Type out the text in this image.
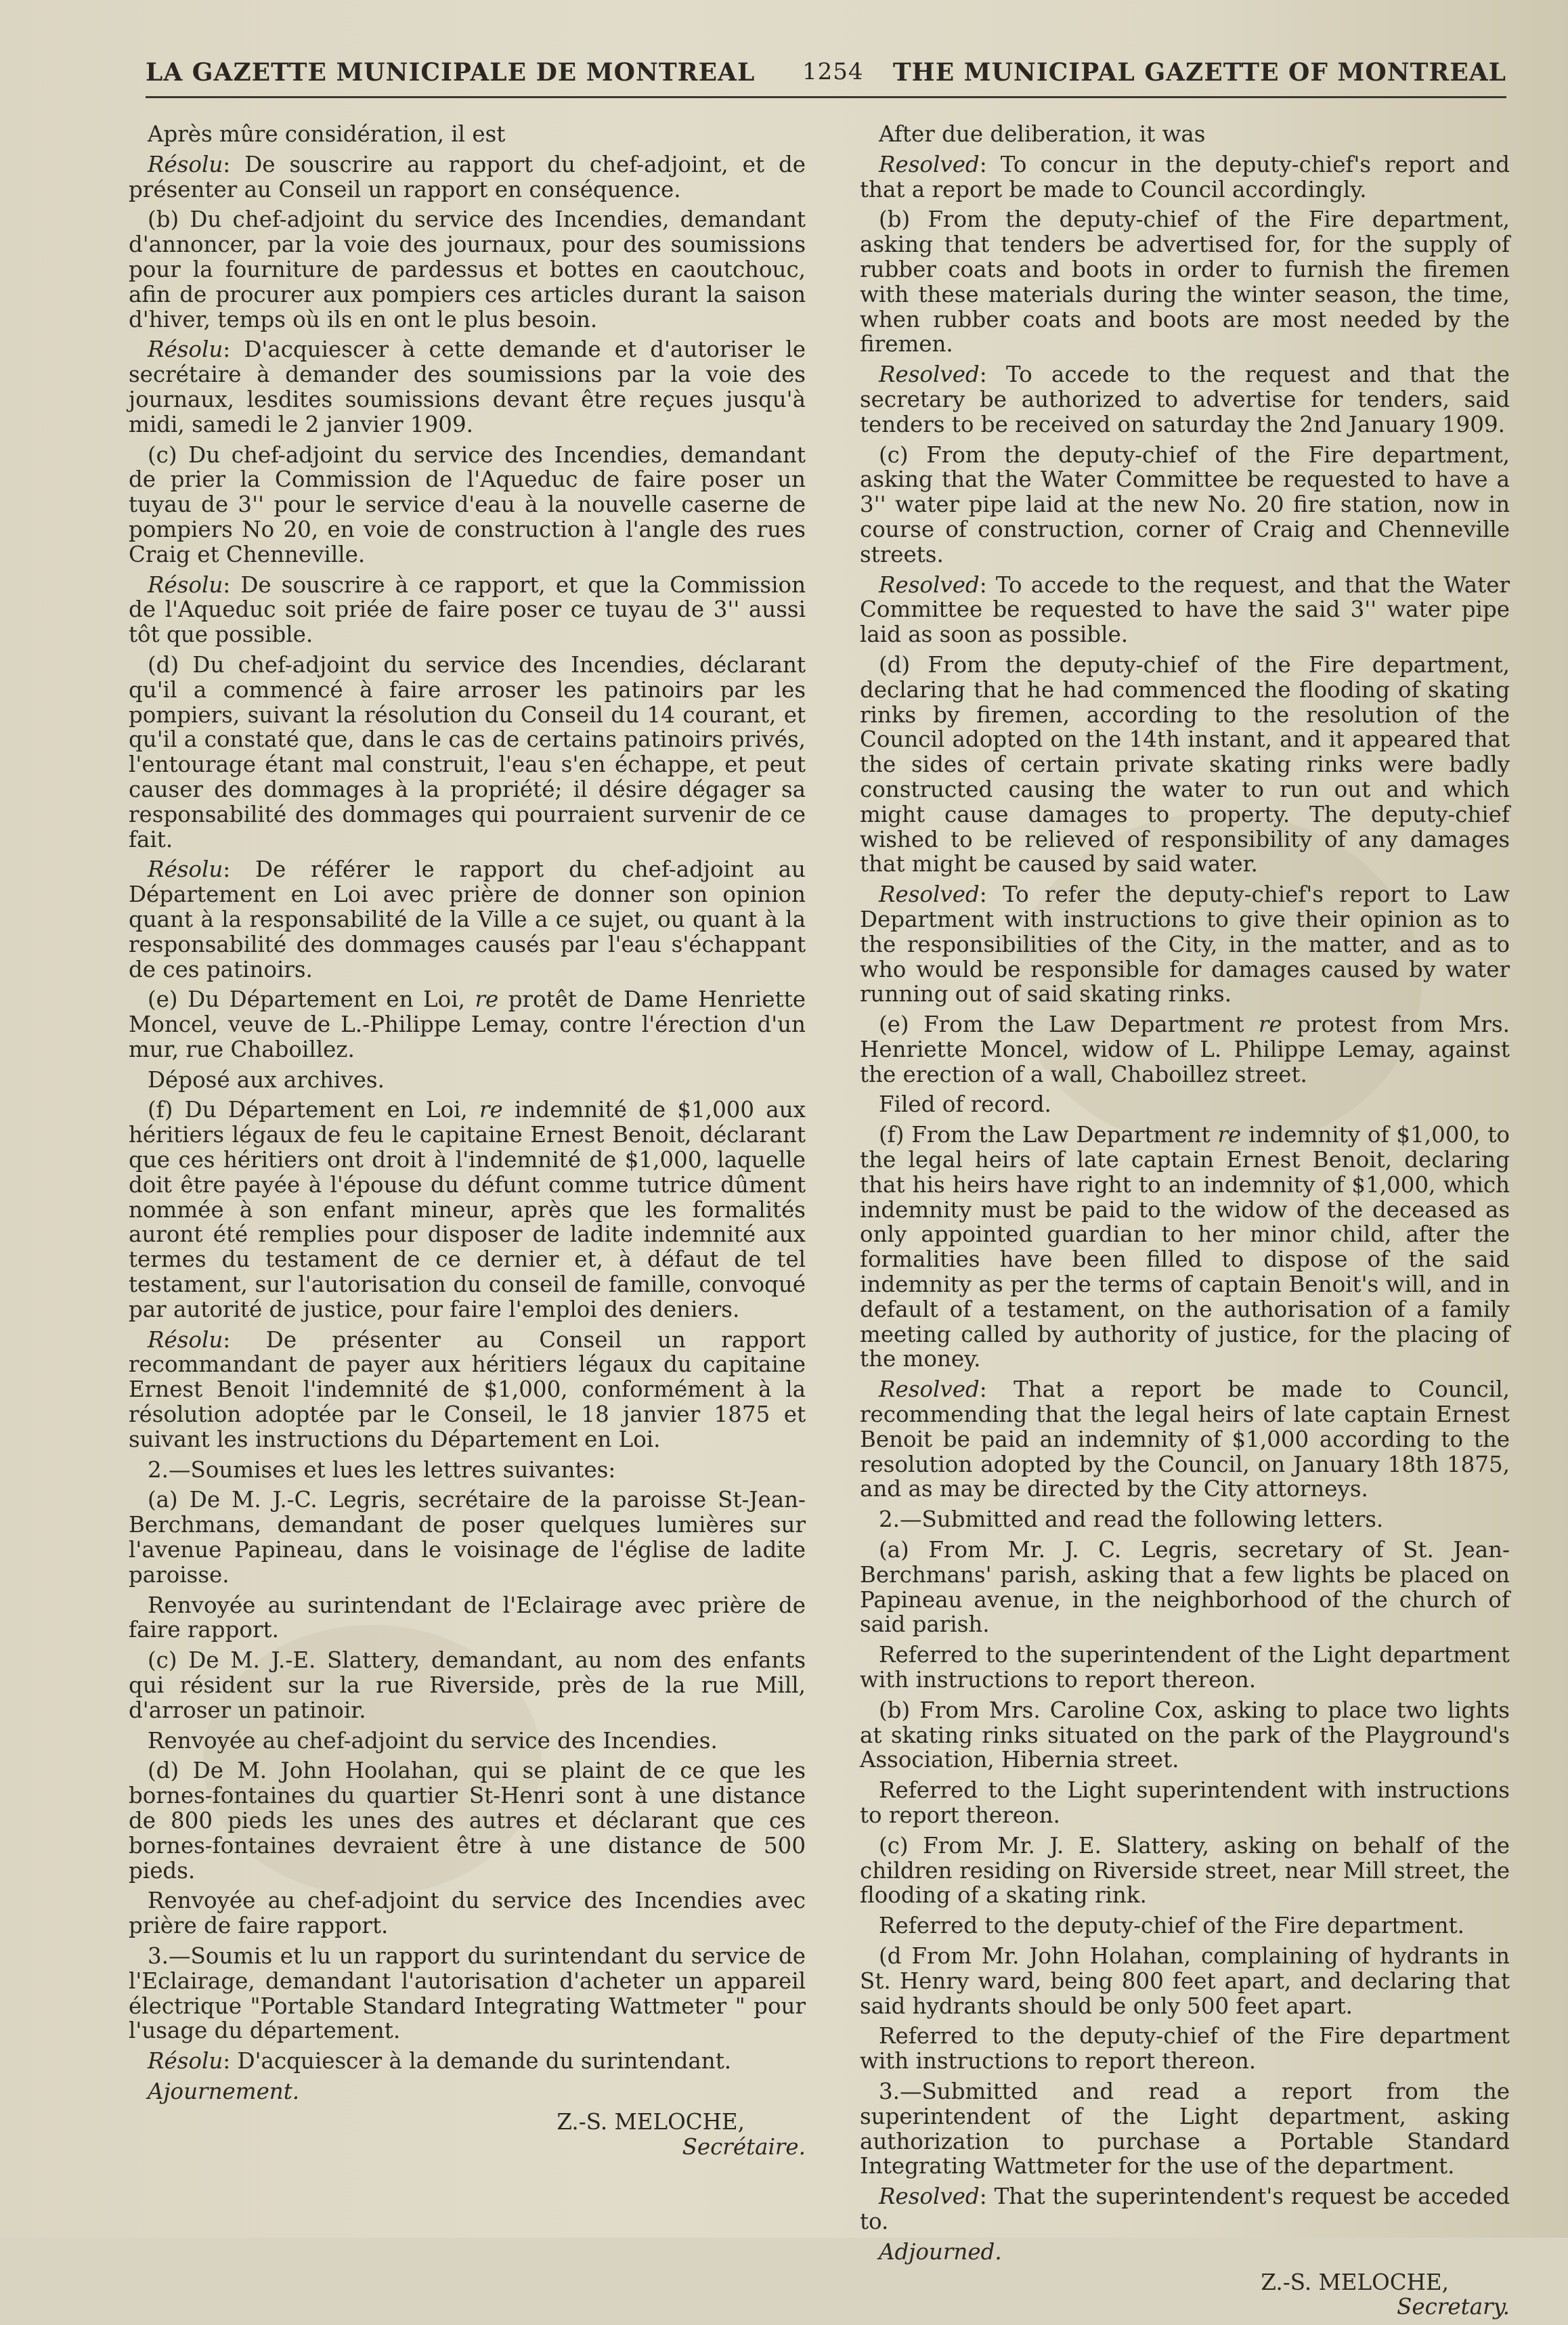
LA GAZETTE MUNICIPALE DE MONTREAL 1254 THE MUNICIPAL GAZETTE OF MONTREAL

Après mûre considération, il est

Résolu: De souscrire au rapport du chef-adjoint, et de présenter au Conseil un rapport en conséquence.

(b) Du chef-adjoint du service des Incendies, demandant d'annoncer, par la voie des journaux, pour des soumissions pour la fourniture de pardessus et bottes en caoutchouc, afin de procurer aux pompiers ces articles durant la saison d'hiver, temps où ils en ont le plus besoin.

Résolu: D'acquiescer à cette demande et d'autoriser le secrétaire à demander des soumissions par la voie des journaux, lesdites soumissions devant être reçues jusqu'à midi, samedi le 2 janvier 1909.

(c) Du chef-adjoint du service des Incendies, demandant de prier la Commission de l'Aqueduc de faire poser un tuyau de 3'' pour le service d'eau à la nouvelle caserne de pompiers No 20, en voie de construction à l'angle des rues Craig et Chenneville.

Résolu: De souscrire à ce rapport, et que la Commission de l'Aqueduc soit priée de faire poser ce tuyau de 3'' aussi tôt que possible.

(d) Du chef-adjoint du service des Incendies, déclarant qu'il a commencé à faire arroser les patinoirs par les pompiers, suivant la résolution du Conseil du 14 courant, et qu'il a constaté que, dans le cas de certains patinoirs privés, l'entourage étant mal construit, l'eau s'en échappe, et peut causer des dommages à la propriété; il désire dégager sa responsabilité des dommages qui pourraient survenir de ce fait.

Résolu: De référer le rapport du chef-adjoint au Département en Loi avec prière de donner son opinion quant à la responsabilité de la Ville a ce sujet, ou quant à la responsabilité des dommages causés par l'eau s'échappant de ces patinoirs.

(e) Du Département en Loi, re protêt de Dame Henriette Moncel, veuve de L.-Philippe Lemay, contre l'érection d'un mur, rue Chaboillez.

Déposé aux archives.

(f) Du Département en Loi, re indemnité de $1,000 aux héritiers légaux de feu le capitaine Ernest Benoit, déclarant que ces héritiers ont droit à l'indemnité de $1,000, laquelle doit être payée à l'épouse du défunt comme tutrice dûment nommée à son enfant mineur, après que les formalités auront été remplies pour disposer de ladite indemnité aux termes du testament de ce dernier et, à défaut de tel testament, sur l'autorisation du conseil de famille, convoqué par autorité de justice, pour faire l'emploi des deniers.

Résolu: De présenter au Conseil un rapport recommandant de payer aux héritiers légaux du capitaine Ernest Benoit l'indemnité de $1,000, conformément à la résolution adoptée par le Conseil, le 18 janvier 1875 et suivant les instructions du Département en Loi.

2.—Soumises et lues les lettres suivantes:

(a) De M. J.-C. Legris, secrétaire de la paroisse St-Jean-Berchmans, demandant de poser quelques lumières sur l'avenue Papineau, dans le voisinage de l'église de ladite paroisse.

Renvoyée au surintendant de l'Eclairage avec prière de faire rapport.

(c) De M. J.-E. Slattery, demandant, au nom des enfants qui résident sur la rue Riverside, près de la rue Mill, d'arroser un patinoir.

Renvoyée au chef-adjoint du service des Incendies.

(d) De M. John Hoolahan, qui se plaint de ce que les bornes-fontaines du quartier St-Henri sont à une distance de 800 pieds les unes des autres et déclarant que ces bornes-fontaines devraient être à une distance de 500 pieds.

Renvoyée au chef-adjoint du service des Incendies avec prière de faire rapport.

3.—Soumis et lu un rapport du surintendant du service de l'Eclairage, demandant l'autorisation d'acheter un appareil électrique "Portable Standard Integrating Wattmeter " pour l'usage du département.

Résolu: D'acquiescer à la demande du surintendant.

Ajournement.

Z.-S. MELOCHE,
Secrétaire.

After due deliberation, it was

Resolved: To concur in the deputy-chief's report and that a report be made to Council accordingly.

(b) From the deputy-chief of the Fire department, asking that tenders be advertised for, for the supply of rubber coats and boots in order to furnish the firemen with these materials during the winter season, the time, when rubber coats and boots are most needed by the firemen.

Resolved: To accede to the request and that the secretary be authorized to advertise for tenders, said tenders to be received on saturday the 2nd January 1909.

(c) From the deputy-chief of the Fire department, asking that the Water Committee be requested to have a 3'' water pipe laid at the new No. 20 fire station, now in course of construction, corner of Craig and Chenneville streets.

Resolved: To accede to the request, and that the Water Committee be requested to have the said 3'' water pipe laid as soon as possible.

(d) From the deputy-chief of the Fire department, declaring that he had commenced the flooding of skating rinks by firemen, according to the resolution of the Council adopted on the 14th instant, and it appeared that the sides of certain private skating rinks were badly constructed causing the water to run out and which might cause damages to property. The deputy-chief wished to be relieved of responsibility of any damages that might be caused by said water.

Resolved: To refer the deputy-chief's report to Law Department with instructions to give their opinion as to the responsibilities of the City, in the matter, and as to who would be responsible for damages caused by water running out of said skating rinks.

(e) From the Law Department re protest from Mrs. Henriette Moncel, widow of L. Philippe Lemay, against the erection of a wall, Chaboillez street.

Filed of record.

(f) From the Law Department re indemnity of $1,000, to the legal heirs of late captain Ernest Benoit, declaring that his heirs have right to an indemnity of $1,000, which indemnity must be paid to the widow of the deceased as only appointed guardian to her minor child, after the formalities have been filled to dispose of the said indemnity as per the terms of captain Benoit's will, and in default of a testament, on the authorisation of a family meeting called by authority of justice, for the placing of the money.

Resolved: That a report be made to Council, recommending that the legal heirs of late captain Ernest Benoit be paid an indemnity of $1,000 according to the resolution adopted by the Council, on January 18th 1875, and as may be directed by the City attorneys.

2.—Submitted and read the following letters.

(a) From Mr. J. C. Legris, secretary of St. Jean-Berchmans' parish, asking that a few lights be placed on Papineau avenue, in the neighborhood of the church of said parish.

Referred to the superintendent of the Light department with instructions to report thereon.

(b) From Mrs. Caroline Cox, asking to place two lights at skating rinks situated on the park of the Playground's Association, Hibernia street.

Referred to the Light superintendent with instructions to report thereon.

(c) From Mr. J. E. Slattery, asking on behalf of the children residing on Riverside street, near Mill street, the flooding of a skating rink.

Referred to the deputy-chief of the Fire department.

(d From Mr. John Holahan, complaining of hydrants in St. Henry ward, being 800 feet apart, and declaring that said hydrants should be only 500 feet apart.

Referred to the deputy-chief of the Fire department with instructions to report thereon.

3.—Submitted and read a report from the superintendent of the Light department, asking authorization to purchase a Portable Standard Integrating Wattmeter for the use of the department.

Resolved: That the superintendent's request be acceded to.

Adjourned.

Z.-S. MELOCHE,
Secretary.
